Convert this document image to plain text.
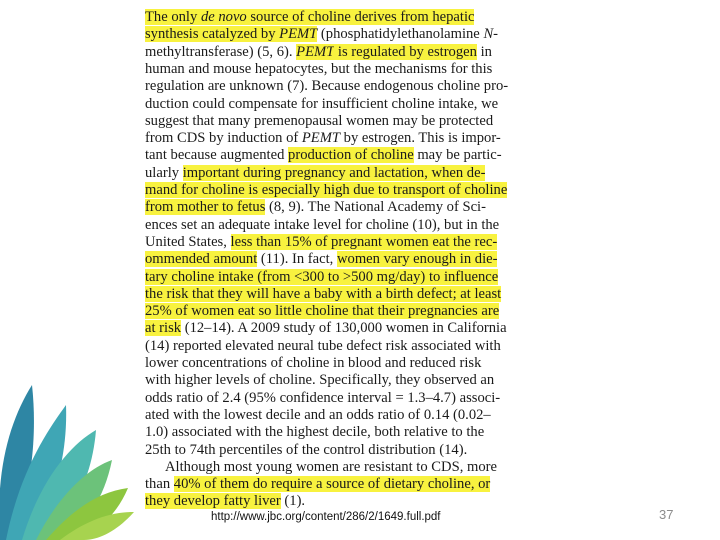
The only de novo source of choline derives from hepatic
synthesis catalyzed by PEMT (phosphatidylethanolamine N-
methyltransferase) (5, 6). PEMT is regulated by estrogen in
human and mouse hepatocytes, but the mechanisms for this
regulation are unknown (7). Because endogenous choline pro-
duction could compensate for insufficient choline intake, we
suggest that many premenopausal women may be protected
from CDS by induction of PEMT by estrogen. This is impor-
tant because augmented production of choline may be partic-
ularly important during pregnancy and lactation, when de-
mand for choline is especially high due to transport of choline
from mother to fetus (8, 9). The National Academy of Sci-
ences set an adequate intake level for choline (10), but in the
United States, less than 15% of pregnant women eat the rec-
ommended amount (11). In fact, women vary enough in die-
tary choline intake (from <300 to >500 mg/day) to influence
the risk that they will have a baby with a birth defect; at least
25% of women eat so little choline that their pregnancies are
at risk (12–14). A 2009 study of 130,000 women in California
(14) reported elevated neural tube defect risk associated with
lower concentrations of choline in blood and reduced risk
with higher levels of choline. Specifically, they observed an
odds ratio of 2.4 (95% confidence interval = 1.3–4.7) associ-
ated with the lowest decile and an odds ratio of 0.14 (0.02–
1.0) associated with the highest decile, both relative to the
25th to 74th percentiles of the control distribution (14).
Although most young women are resistant to CDS, more
than 40% of them do require a source of dietary choline, or
they develop fatty liver (1).
http://www.jbc.org/content/286/2/1649.full.pdf	37
